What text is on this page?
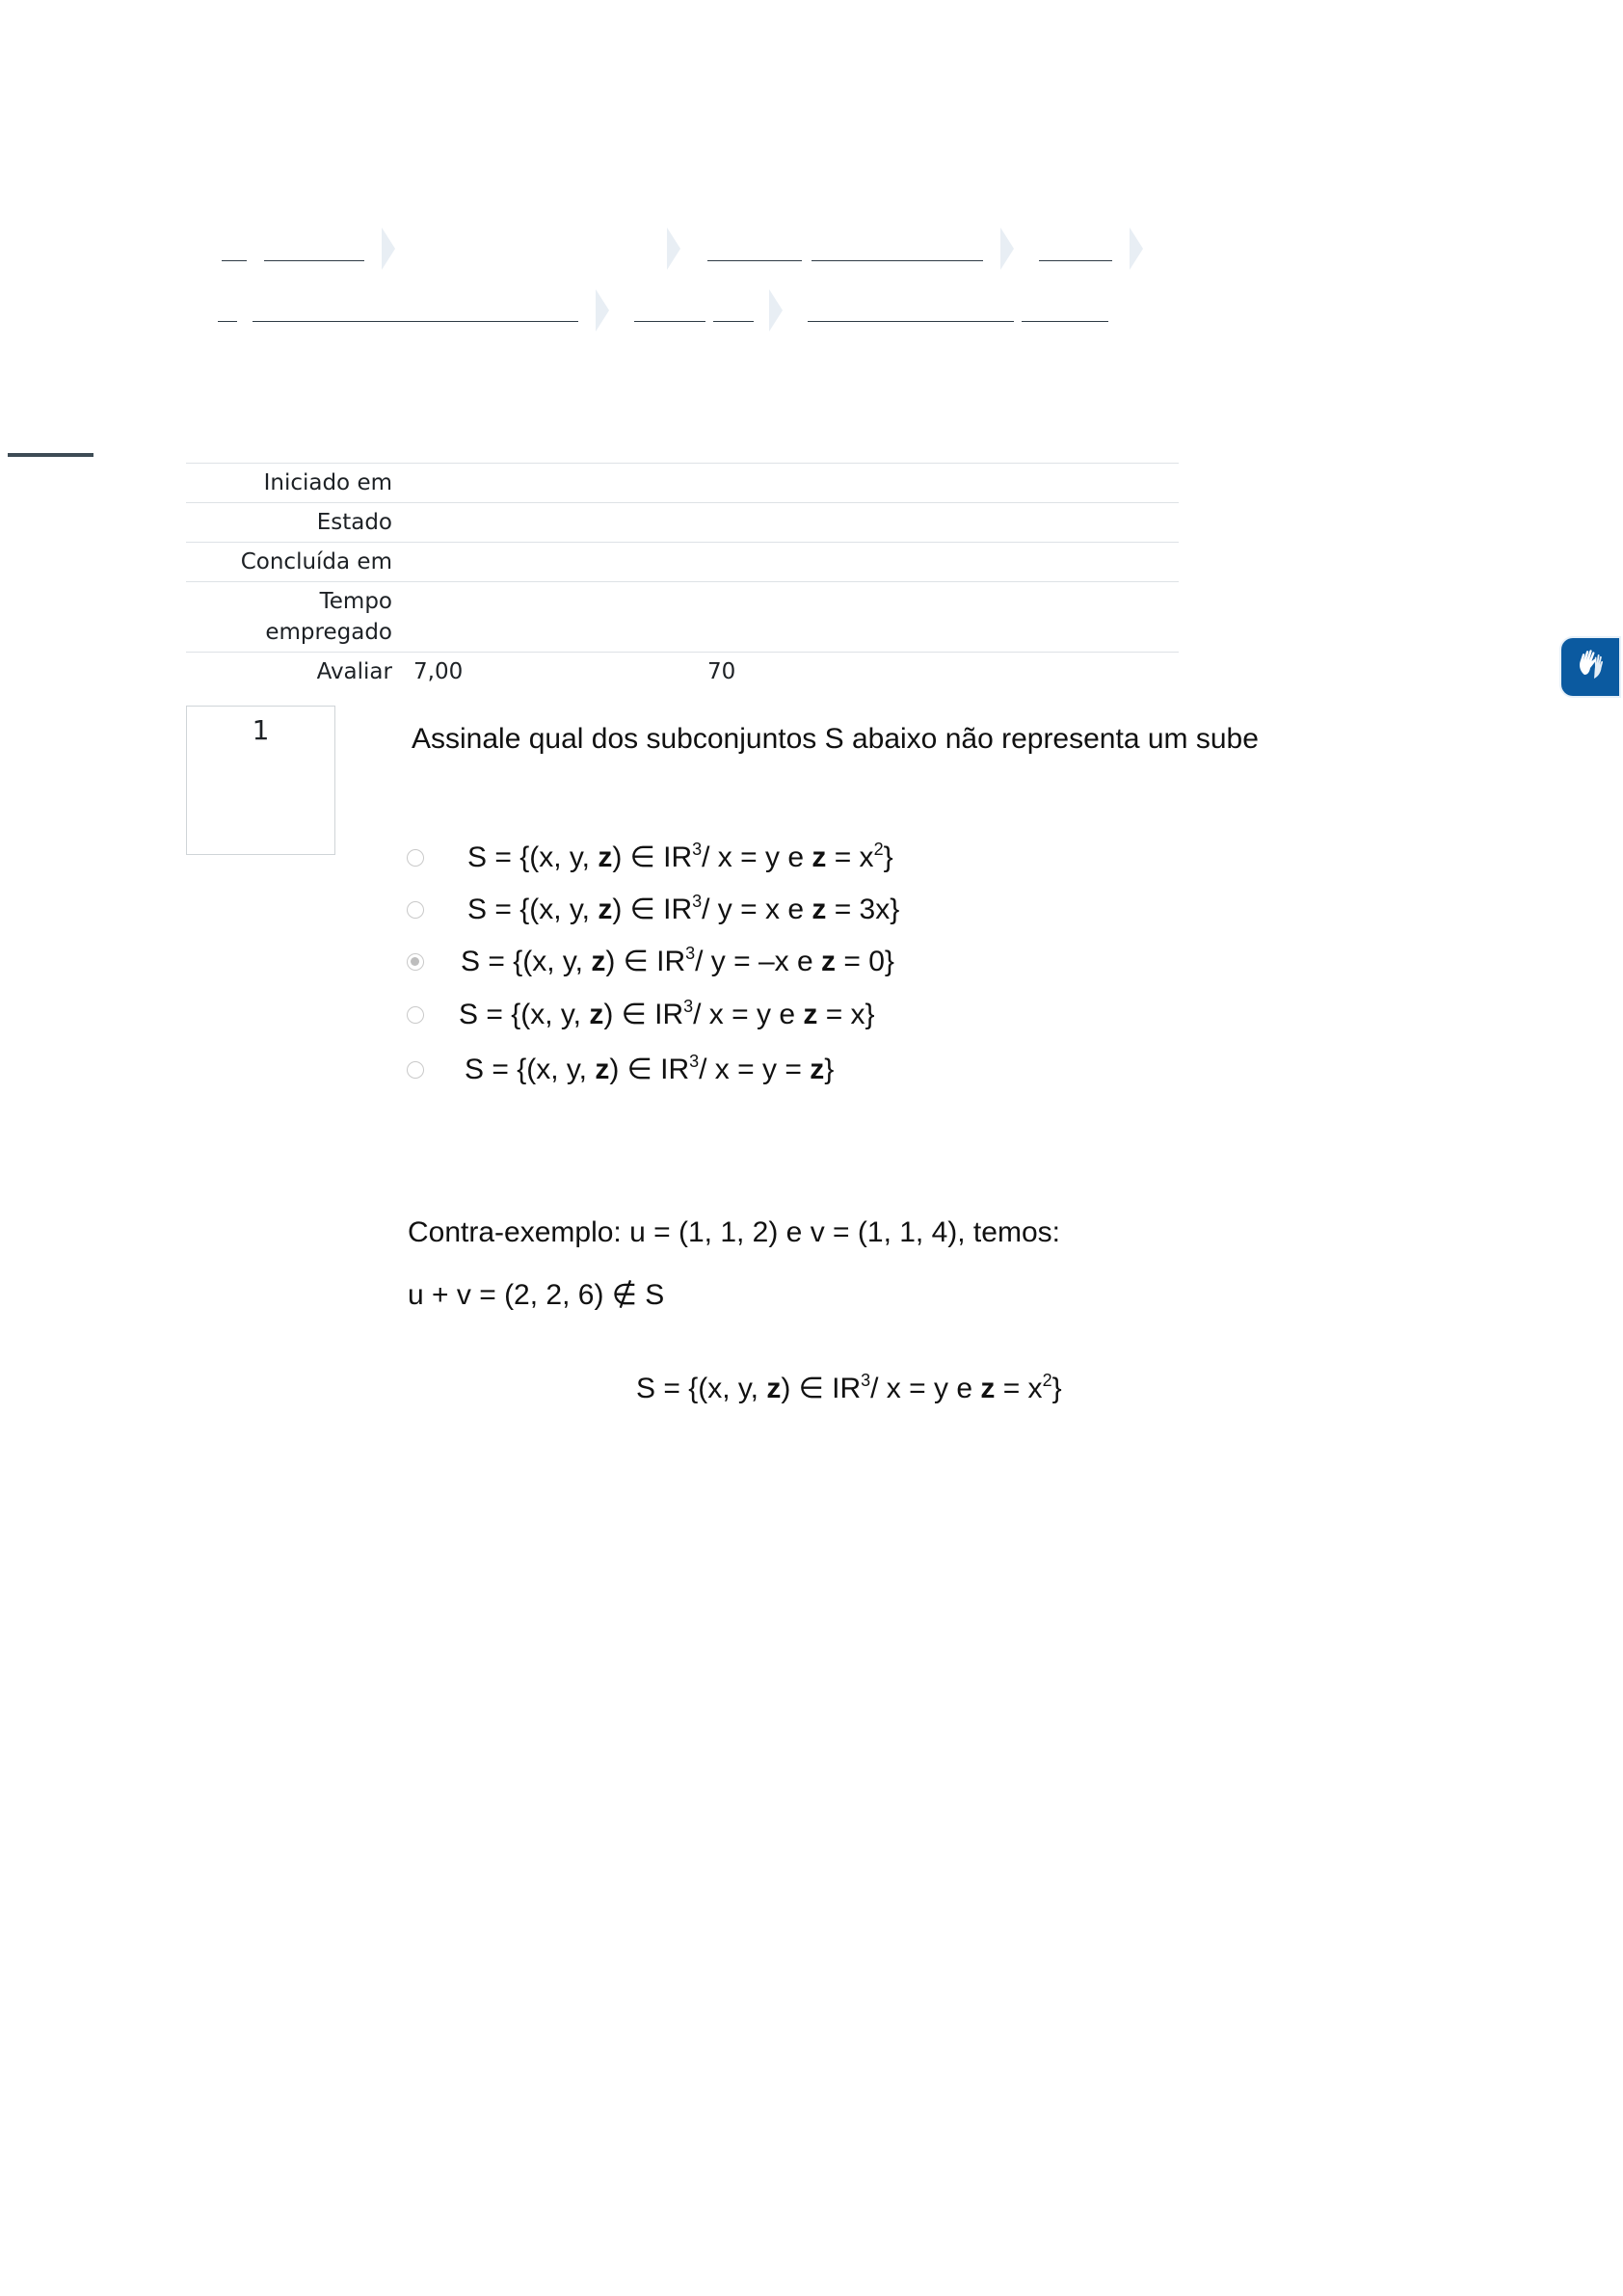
Iniciado em
Estado
Concluída em
Tempo
empregado
Avaliar 7,00	70
1	Assinale qual dos subconjuntos S abaixo não representa um sube
S = {(x, y, z) ∈ $IR^3/$ x = y e $z = x^2$}
S = {(x, y, z) ∈ $IR^3/$ y = x e z = 3x}
S = {(x, y, z) ∈ $IR^3/$ y = –x e z = 0}
S = {(x, y, z) ∈ $IR^3/$ x = y e z = x}
S = {(x, y, z) ∈ $IR^3/$ x = y = z}
Contra-exemplo: u = (1, 1, 2) e v = (1, 1, 4), temos:
u + v = (2, 2, 6) ∉ S
S = {(x, y, z) ∈ $IR^3/$ x = y e $z = x^2$}
